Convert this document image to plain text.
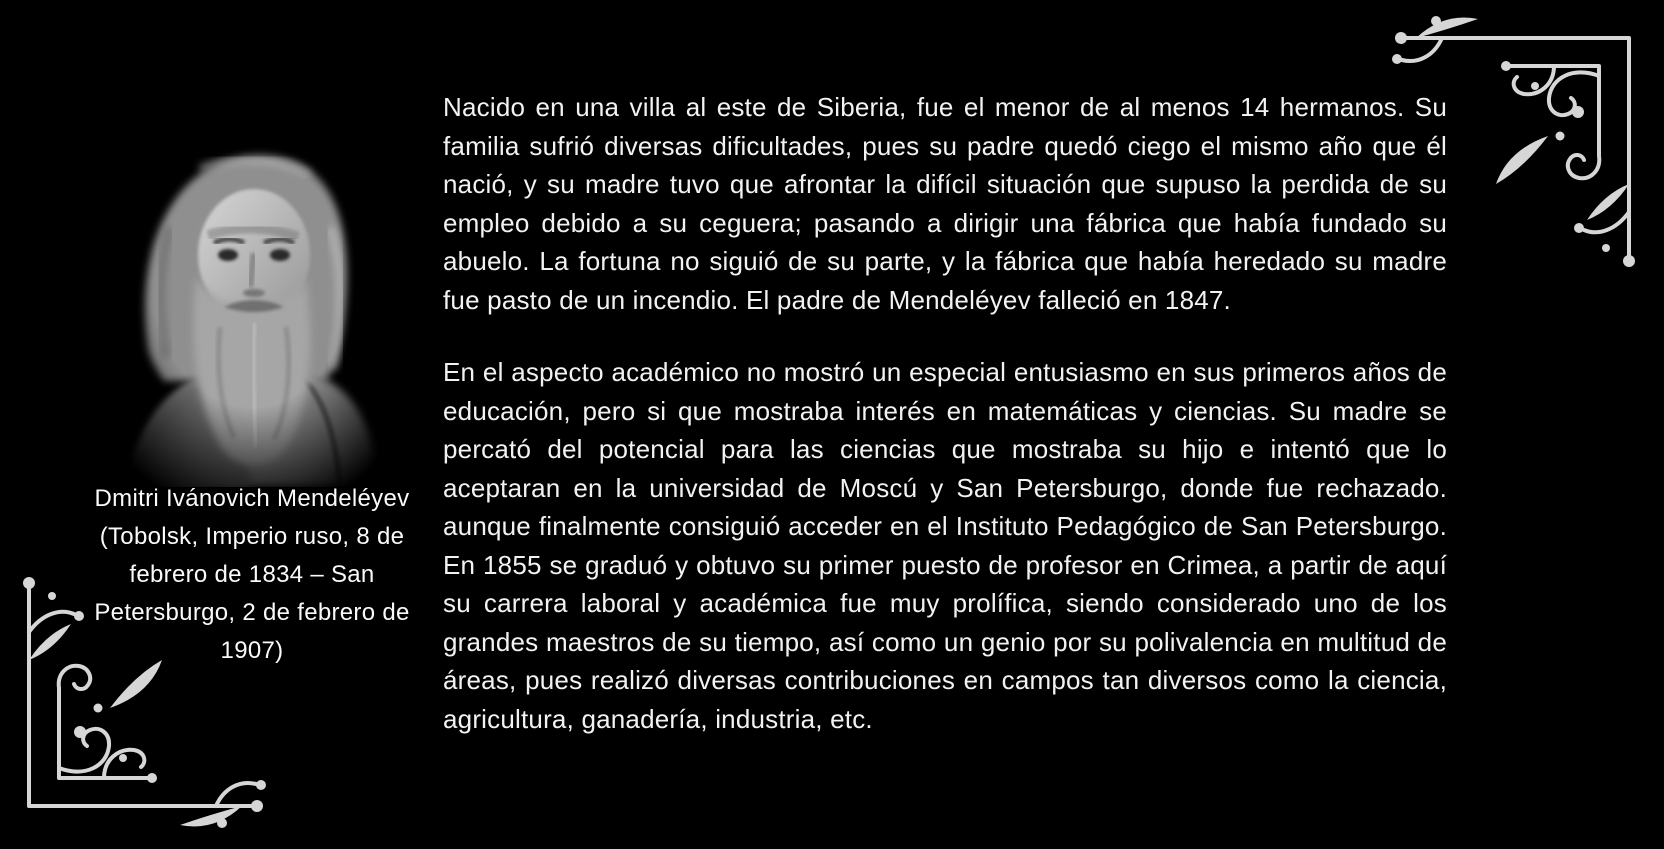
Dmitri Ivánovich Mendeléyev (Tobolsk, Imperio ruso, 8 de febrero de 1834 – San Petersburgo, 2 de febrero de 1907)

Nacido en una villa al este de Siberia, fue el menor de al menos 14 hermanos. Su familia sufrió diversas dificultades, pues su padre quedó ciego el mismo año que él nació, y su madre tuvo que afrontar la difícil situación que supuso la perdida de su empleo debido a su ceguera; pasando a dirigir una fábrica que había fundado su abuelo. La fortuna no siguió de su parte, y la fábrica que había heredado su madre fue pasto de un incendio. El padre de Mendeléyev falleció en 1847.

En el aspecto académico no mostró un especial entusiasmo en sus primeros años de educación, pero si que mostraba interés en matemáticas y ciencias. Su madre se percató del potencial para las ciencias que mostraba su hijo e intentó que lo aceptaran en la universidad de Moscú y San Petersburgo, donde fue rechazado. aunque finalmente consiguió acceder en el Instituto Pedagógico de San Petersburgo. En 1855 se graduó y obtuvo su primer puesto de profesor en Crimea, a partir de aquí su carrera laboral y académica fue muy prolífica, siendo considerado uno de los grandes maestros de su tiempo, así como un genio por su polivalencia en multitud de áreas, pues realizó diversas contribuciones en campos tan diversos como la ciencia, agricultura, ganadería, industria, etc.
